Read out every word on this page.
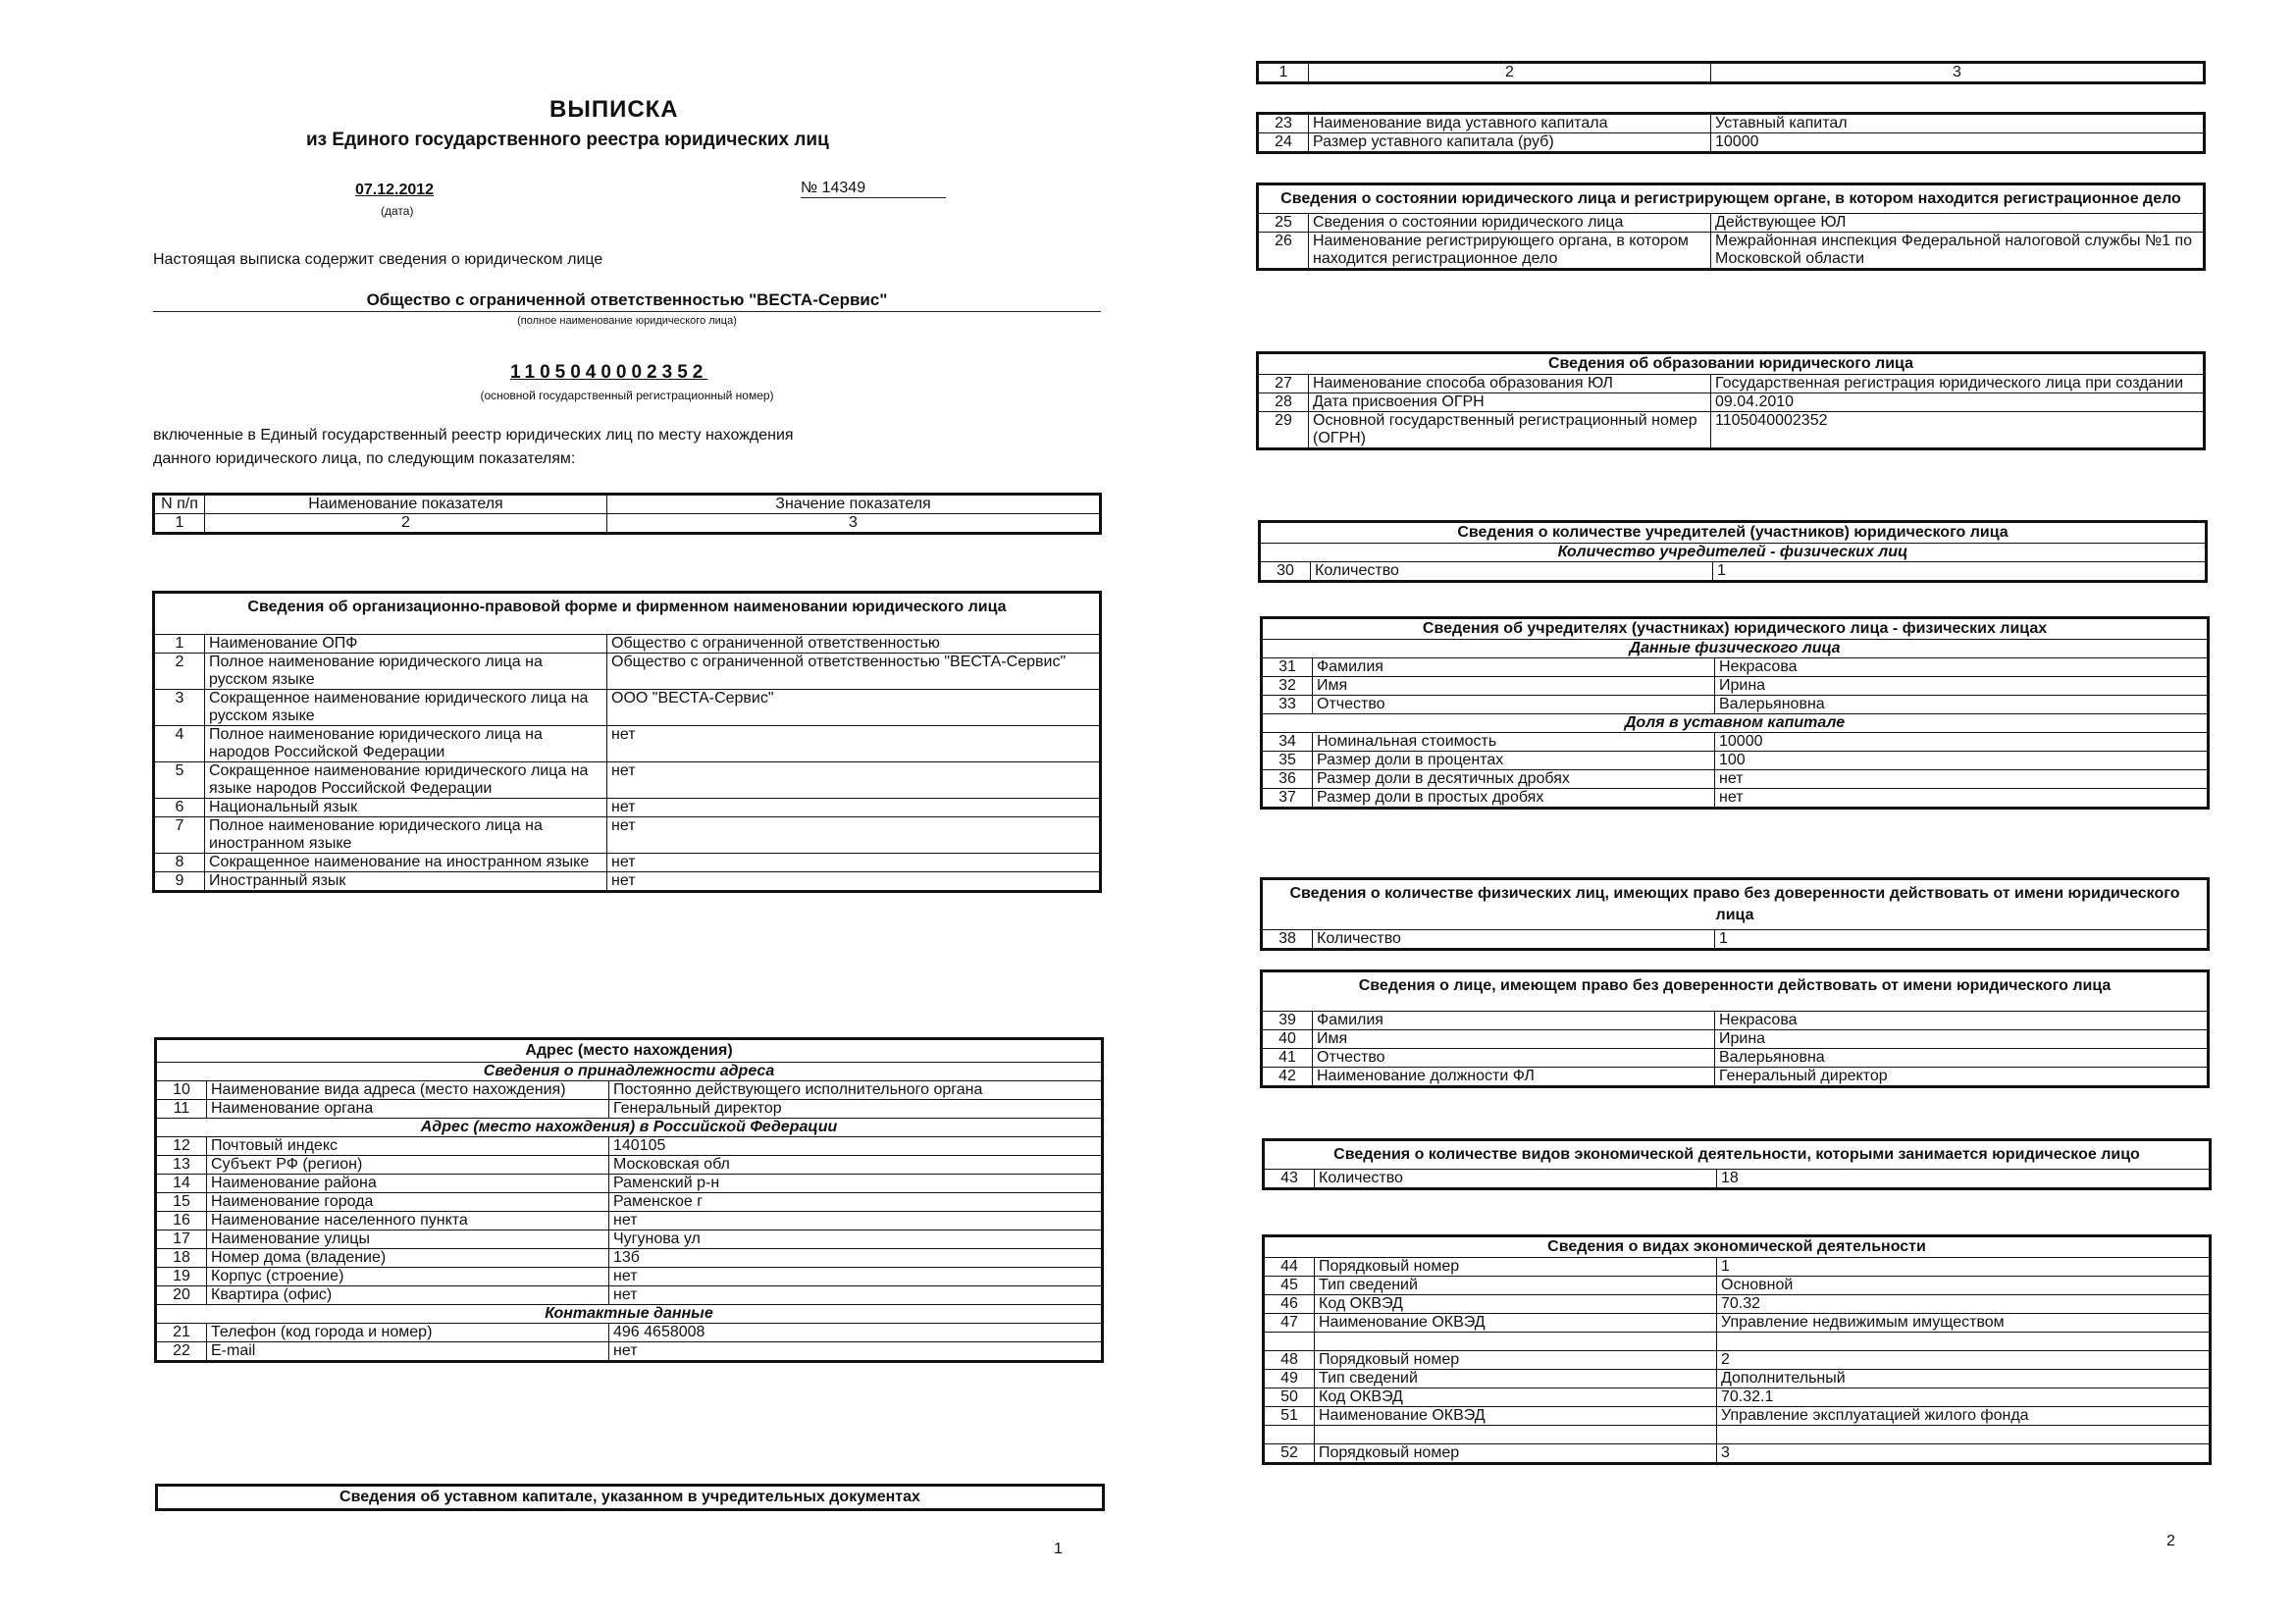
ВЫПИСКА
из Единого государственного реестра юридических лиц
07.12.2012
(дата)
№ 14349
Настоящая выписка содержит сведения о юридическом лице
Общество с ограниченной ответственностью "ВЕСТА-Сервис"
(полное наименование юридического лица)
1105040002352
(основной государственный регистрационный номер)
включенные в Единый государственный реестр юридических лиц по месту нахождения данного юридического лица, по следующим показателям:
N п/п	Наименование показателя	Значение показателя
1	2	3
Сведения об организационно-правовой форме и фирменном наименовании юридического лица		
1	Наименование ОПФ	Общество с ограниченной ответственностью
2	Полное наименование юридического лица на русском языке	Общество с ограниченной ответственностью "ВЕСТА-Сервис"
3	Сокращенное наименование юридического лица на русском языке	ООО "ВЕСТА-Сервис"
4	Полное наименование юридического лица на народов Российской Федерации	нет
5	Сокращенное наименование юридического лица на языке народов Российской Федерации	нет
6	Национальный язык	нет
7	Полное наименование юридического лица на иностранном языке	нет
8	Сокращенное наименование на иностранном языке	нет
9	Иностранный язык	нет
Адрес (место нахождения)		
Сведения о принадлежности адреса		
10	Наименование вида адреса (место нахождения)	Постоянно действующего исполнительного органа
11	Наименование органа	Генеральный директор
Адрес (место нахождения) в Российской Федерации		
12	Почтовый индекс	140105
13	Субъект РФ (регион)	Московская обл
14	Наименование района	Раменский р-н
15	Наименование города	Раменское г
16	Наименование населенного пункта	нет
17	Наименование улицы	Чугунова ул
18	Номер дома (владение)	13б
19	Корпус (строение)	нет
20	Квартира (офис)	нет
Контактные данные		
21	Телефон (код города и номер)	496 4658008
22	E-mail	нет
Сведения об уставном капитале, указанном в учредительных документах
1
1	2	3
23	Наименование вида уставного капитала	Уставный капитал
24	Размер уставного капитала (руб)	10000
Сведения о состоянии юридического лица и регистрирующем органе, в котором находится регистрационное дело		
25	Сведения о состоянии юридического лица	Действующее ЮЛ
26	Наименование регистрирующего органа, в котором находится регистрационное дело	Межрайонная инспекция Федеральной налоговой службы №1 по Московской области
Сведения об образовании юридического лица		
27	Наименование способа образования ЮЛ	Государственная регистрация юридического лица при создании
28	Дата присвоения ОГРН	09.04.2010
29	Основной государственный регистрационный номер (ОГРН)	1105040002352
Сведения о количестве учредителей (участников) юридического лица
Количество учредителей - физических лиц
30	Количество	1
Сведения об учредителях (участниках) юридического лица - физических лицах		
Данные физического лица		
31	Фамилия	Некрасова
32	Имя	Ирина
33	Отчество	Валерьяновна
Доля в уставном капитале		
34	Номинальная стоимость	10000
35	Размер доли в процентах	100
36	Размер доли в десятичных дробях	нет
37	Размер доли в простых дробях	нет
Сведения о количестве физических лиц, имеющих право без доверенности действовать от имени юридического лица
38	Количество	1
Сведения о лице, имеющем право без доверенности действовать от имени юридического лица		
39	Фамилия	Некрасова
40	Имя	Ирина
41	Отчество	Валерьяновна
42	Наименование должности ФЛ	Генеральный директор
Сведения о количестве видов экономической деятельности, которыми занимается юридическое лицо
43	Количество	18
Сведения о видах экономической деятельности		
44	Порядковый номер	1
45	Тип сведений	Основной
46	Код ОКВЭД	70.32
47	Наименование ОКВЭД	Управление недвижимым имуществом

48	Порядковый номер	2
49	Тип сведений	Дополнительный
50	Код ОКВЭД	70.32.1
51	Наименование ОКВЭД	Управление эксплуатацией жилого фонда

52	Порядковый номер	3
2
